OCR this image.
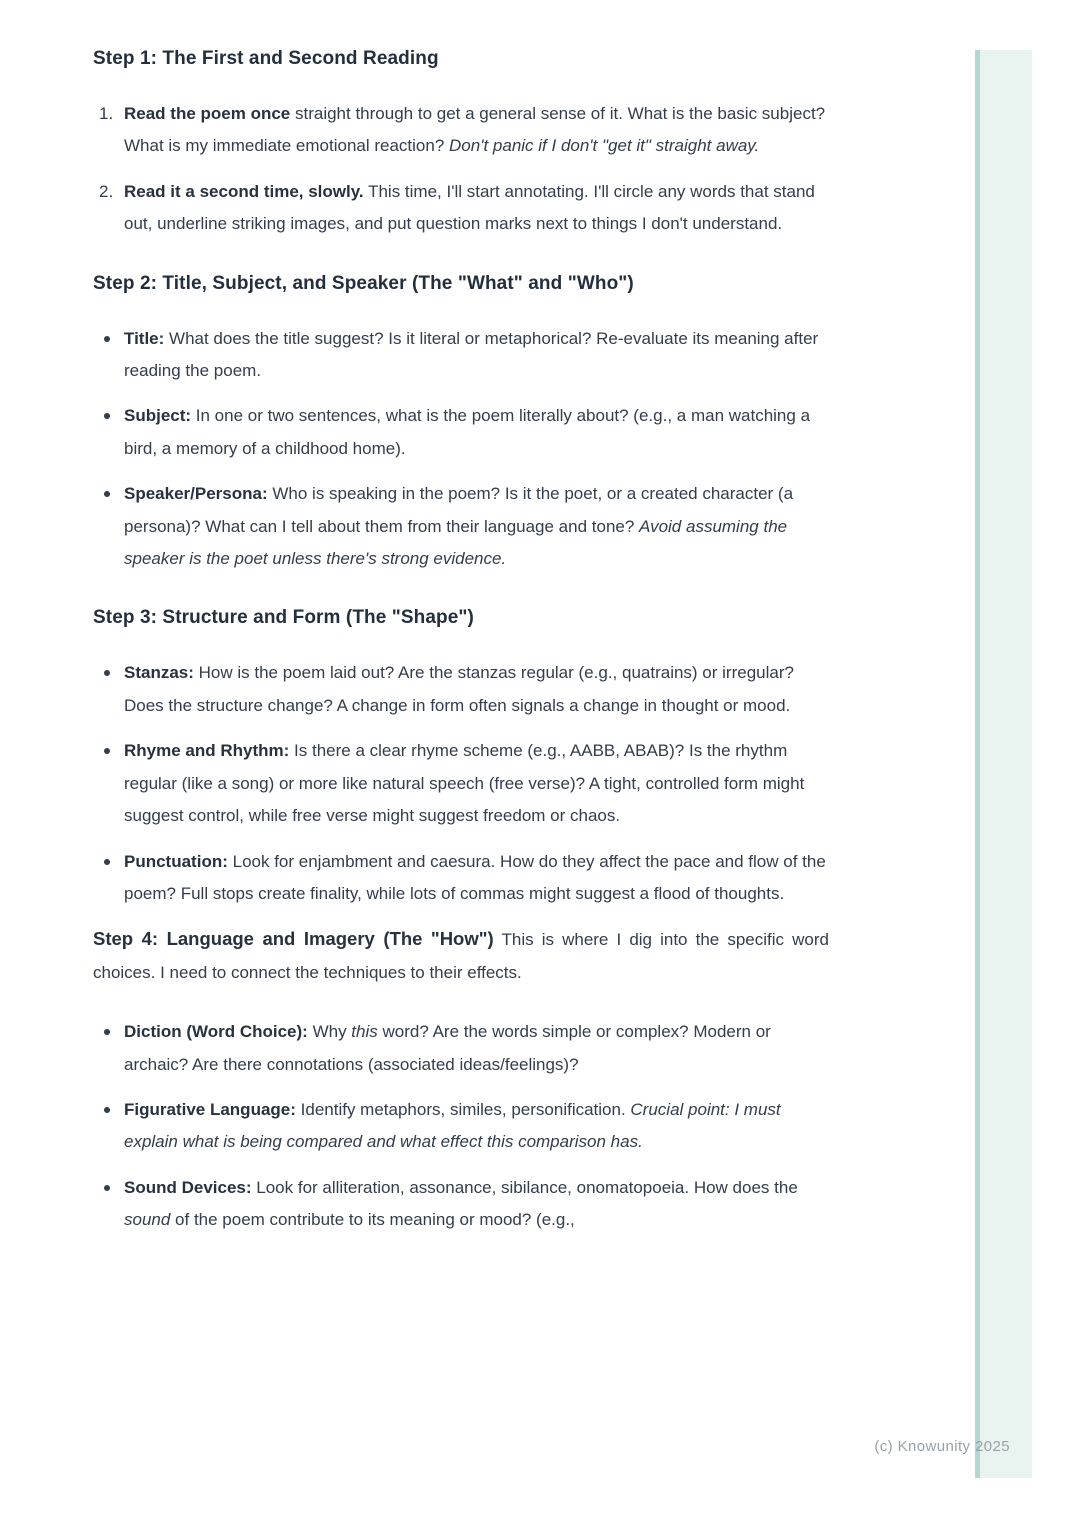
Step 1: The First and Second Reading
Read the poem once straight through to get a general sense of it. What is the basic subject? What is my immediate emotional reaction? Don't panic if I don't "get it" straight away.
Read it a second time, slowly. This time, I'll start annotating. I'll circle any words that stand out, underline striking images, and put question marks next to things I don't understand.
Step 2: Title, Subject, and Speaker (The "What" and "Who")
Title: What does the title suggest? Is it literal or metaphorical? Re-evaluate its meaning after reading the poem.
Subject: In one or two sentences, what is the poem literally about? (e.g., a man watching a bird, a memory of a childhood home).
Speaker/Persona: Who is speaking in the poem? Is it the poet, or a created character (a persona)? What can I tell about them from their language and tone? Avoid assuming the speaker is the poet unless there's strong evidence.
Step 3: Structure and Form (The "Shape")
Stanzas: How is the poem laid out? Are the stanzas regular (e.g., quatrains) or irregular? Does the structure change? A change in form often signals a change in thought or mood.
Rhyme and Rhythm: Is there a clear rhyme scheme (e.g., AABB, ABAB)? Is the rhythm regular (like a song) or more like natural speech (free verse)? A tight, controlled form might suggest control, while free verse might suggest freedom or chaos.
Punctuation: Look for enjambment and caesura. How do they affect the pace and flow of the poem? Full stops create finality, while lots of commas might suggest a flood of thoughts.

Step 4: Language and Imagery (The "How") This is where I dig into the specific word choices. I need to connect the techniques to their effects.

Diction (Word Choice): Why this word? Are the words simple or complex? Modern or archaic? Are there connotations (associated ideas/feelings)?
Figurative Language: Identify metaphors, similes, personification. Crucial point: I must explain what is being compared and what effect this comparison has.
Sound Devices: Look for alliteration, assonance, sibilance, onomatopoeia. How does the sound of the poem contribute to its meaning or mood? (e.g.,
(c) Knowunity 2025
